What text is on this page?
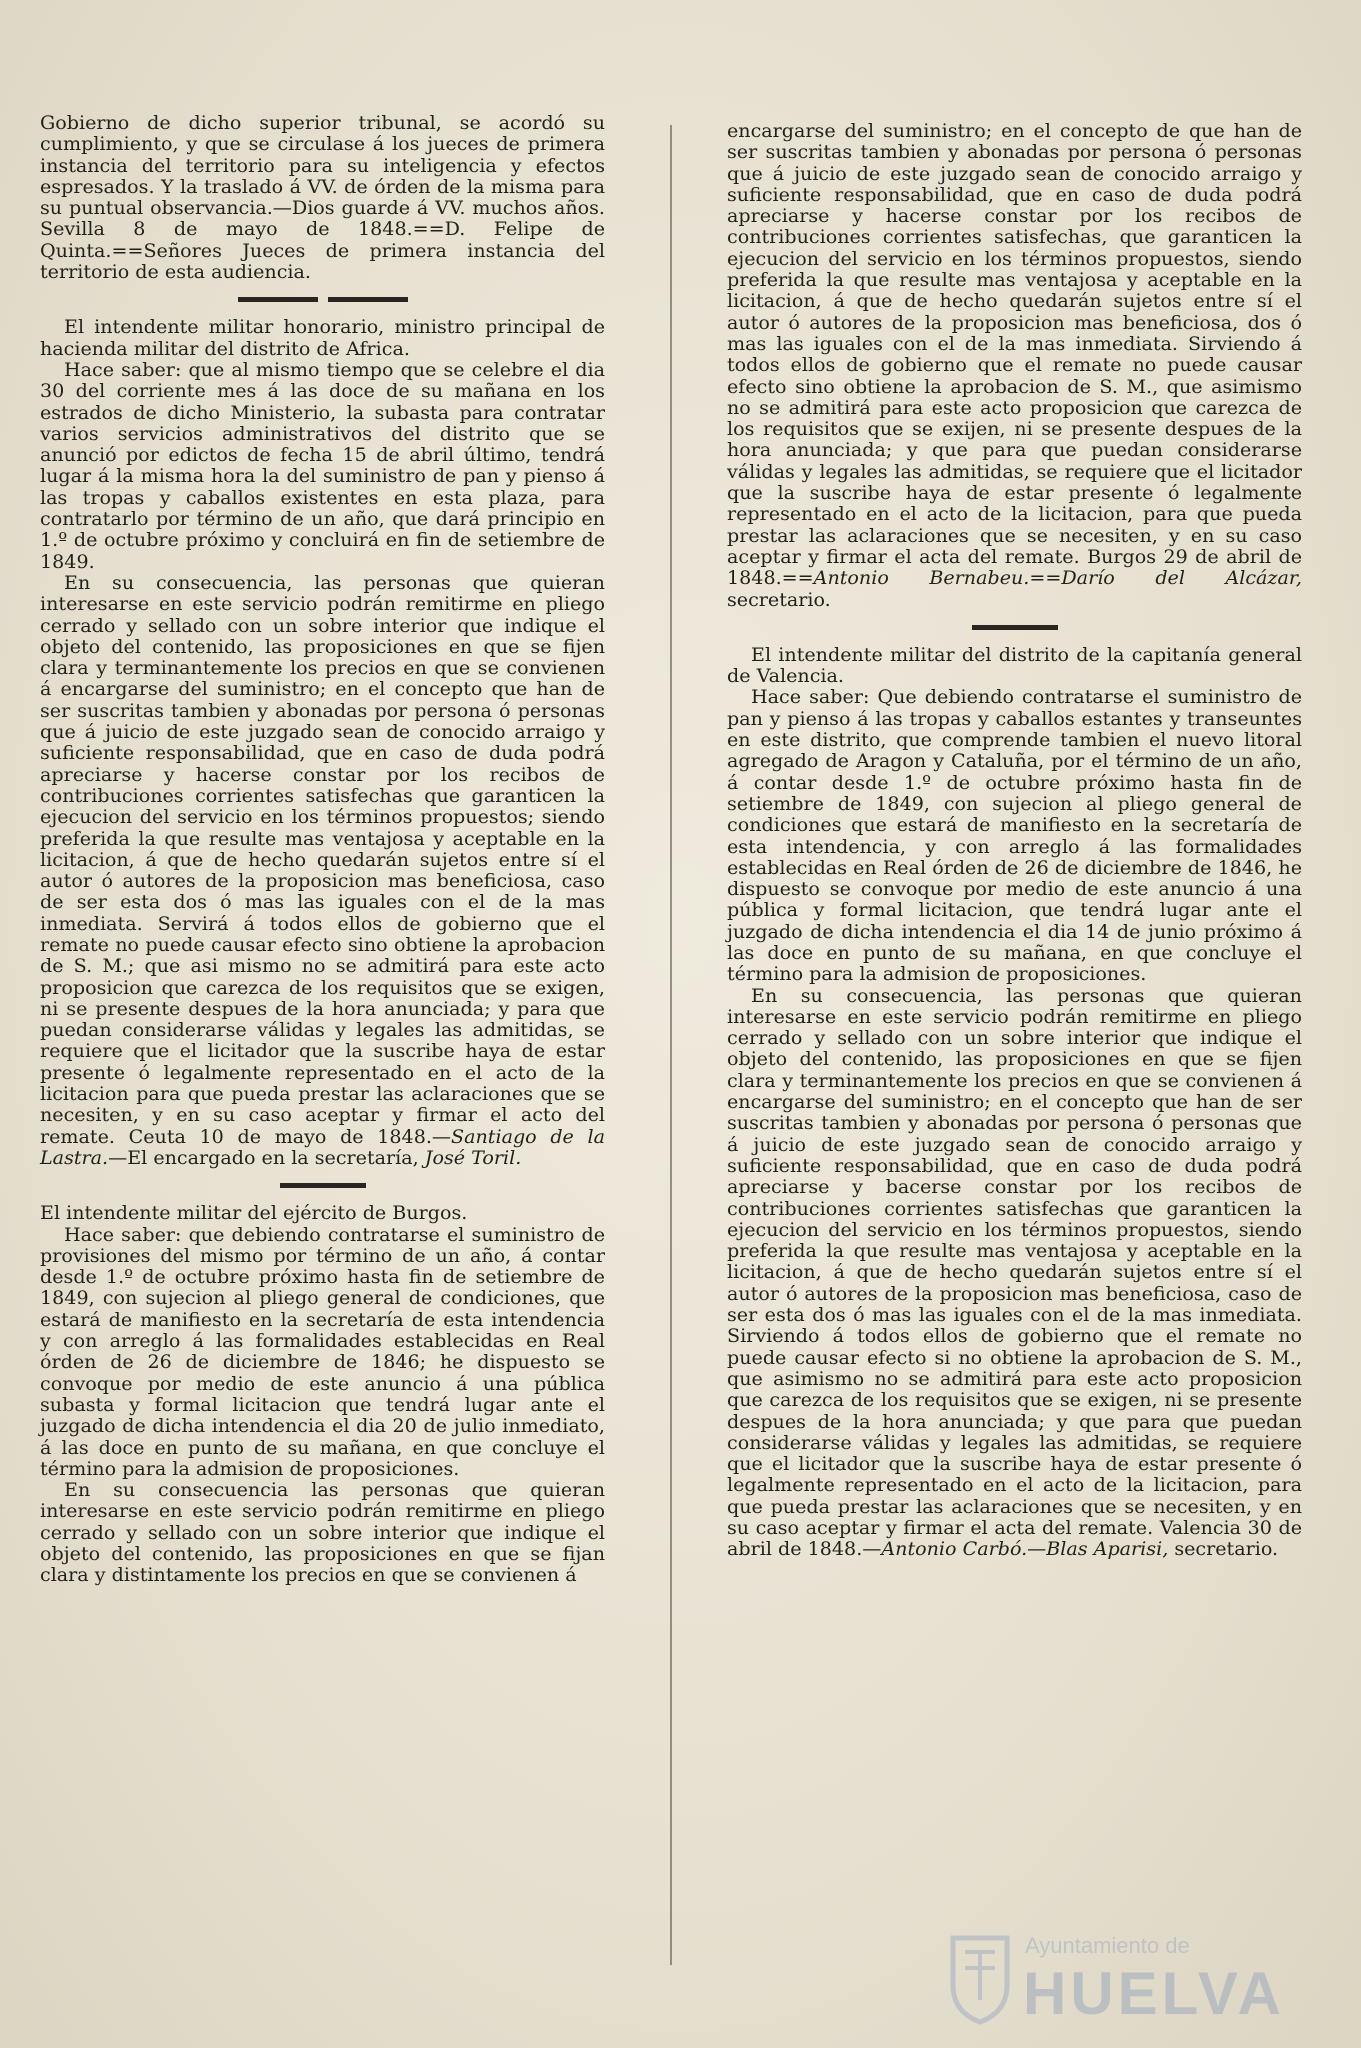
Gobierno de dicho superior tribunal, se acordó su cumplimiento, y que se circulase á los jueces de primera instancia del territorio para su inteligencia y efectos espresados. Y la traslado á VV. de órden de la misma para su puntual observancia.—Dios guarde á VV. muchos años. Sevilla 8 de mayo de 1848.==D. Felipe de Quinta.==Señores Jueces de primera instancia del territorio de esta audiencia.

El intendente militar honorario, ministro principal de hacienda militar del distrito de Africa.

Hace saber: que al mismo tiempo que se celebre el dia 30 del corriente mes á las doce de su mañana en los estrados de dicho Ministerio, la subasta para contratar varios servicios administrativos del distrito que se anunció por edictos de fecha 15 de abril último, tendrá lugar á la misma hora la del suministro de pan y pienso á las tropas y caballos existentes en esta plaza, para contratarlo por término de un año, que dará principio en 1.º de octubre próximo y concluirá en fin de setiembre de 1849.

En su consecuencia, las personas que quieran interesarse en este servicio podrán remitirme en pliego cerrado y sellado con un sobre interior que indique el objeto del contenido, las proposiciones en que se fijen clara y terminantemente los precios en que se convienen á encargarse del suministro; en el concepto que han de ser suscritas tambien y abonadas por persona ó personas que á juicio de este juzgado sean de conocido arraigo y suficiente responsabilidad, que en caso de duda podrá apreciarse y hacerse constar por los recibos de contribuciones corrientes satisfechas que garanticen la ejecucion del servicio en los términos propuestos; siendo preferida la que resulte mas ventajosa y aceptable en la licitacion, á que de hecho quedarán sujetos entre sí el autor ó autores de la proposicion mas beneficiosa, caso de ser esta dos ó mas las iguales con el de la mas inmediata. Servirá á todos ellos de gobierno que el remate no puede causar efecto sino obtiene la aprobacion de S. M.; que asi mismo no se admitirá para este acto proposicion que carezca de los requisitos que se exigen, ni se presente despues de la hora anunciada; y para que puedan considerarse válidas y legales las admitidas, se requiere que el licitador que la suscribe haya de estar presente ó legalmente representado en el acto de la licitacion para que pueda prestar las aclaraciones que se necesiten, y en su caso aceptar y firmar el acto del remate. Ceuta 10 de mayo de 1848.—Santiago de la Lastra.—El encargado en la secretaría, José Toril.

El intendente militar del ejército de Burgos.

Hace saber: que debiendo contratarse el suministro de provisiones del mismo por término de un año, á contar desde 1.º de octubre próximo hasta fin de setiembre de 1849, con sujecion al pliego general de condiciones, que estará de manifiesto en la secretaría de esta intendencia y con arreglo á las formalidades establecidas en Real órden de 26 de diciembre de 1846; he dispuesto se convoque por medio de este anuncio á una pública subasta y formal licitacion que tendrá lugar ante el juzgado de dicha intendencia el dia 20 de julio inmediato, á las doce en punto de su mañana, en que concluye el término para la admision de proposiciones.

En su consecuencia las personas que quieran interesarse en este servicio podrán remitirme en pliego cerrado y sellado con un sobre interior que indique el objeto del contenido, las proposiciones en que se fijan clara y distintamente los precios en que se convienen á

encargarse del suministro; en el concepto de que han de ser suscritas tambien y abonadas por persona ó personas que á juicio de este juzgado sean de conocido arraigo y suficiente responsabilidad, que en caso de duda podrá apreciarse y hacerse constar por los recibos de contribuciones corrientes satisfechas, que garanticen la ejecucion del servicio en los términos propuestos, siendo preferida la que resulte mas ventajosa y aceptable en la licitacion, á que de hecho quedarán sujetos entre sí el autor ó autores de la proposicion mas beneficiosa, dos ó mas las iguales con el de la mas inmediata. Sirviendo á todos ellos de gobierno que el remate no puede causar efecto sino obtiene la aprobacion de S. M., que asimismo no se admitirá para este acto proposicion que carezca de los requisitos que se exijen, ni se presente despues de la hora anunciada; y que para que puedan considerarse válidas y legales las admitidas, se requiere que el licitador que la suscribe haya de estar presente ó legalmente representado en el acto de la licitacion, para que pueda prestar las aclaraciones que se necesiten, y en su caso aceptar y firmar el acta del remate. Burgos 29 de abril de 1848.==Antonio Bernabeu.==Darío del Alcázar, secretario.

El intendente militar del distrito de la capitanía general de Valencia.

Hace saber: Que debiendo contratarse el suministro de pan y pienso á las tropas y caballos estantes y transeuntes en este distrito, que comprende tambien el nuevo litoral agregado de Aragon y Cataluña, por el término de un año, á contar desde 1.º de octubre próximo hasta fin de setiembre de 1849, con sujecion al pliego general de condiciones que estará de manifiesto en la secretaría de esta intendencia, y con arreglo á las formalidades establecidas en Real órden de 26 de diciembre de 1846, he dispuesto se convoque por medio de este anuncio á una pública y formal licitacion, que tendrá lugar ante el juzgado de dicha intendencia el dia 14 de junio próximo á las doce en punto de su mañana, en que concluye el término para la admision de proposiciones.

En su consecuencia, las personas que quieran interesarse en este servicio podrán remitirme en pliego cerrado y sellado con un sobre interior que indique el objeto del contenido, las proposiciones en que se fijen clara y terminantemente los precios en que se convienen á encargarse del suministro; en el concepto que han de ser suscritas tambien y abonadas por persona ó personas que á juicio de este juzgado sean de conocido arraigo y suficiente responsabilidad, que en caso de duda podrá apreciarse y bacerse constar por los recibos de contribuciones corrientes satisfechas que garanticen la ejecucion del servicio en los términos propuestos, siendo preferida la que resulte mas ventajosa y aceptable en la licitacion, á que de hecho quedarán sujetos entre sí el autor ó autores de la proposicion mas beneficiosa, caso de ser esta dos ó mas las iguales con el de la mas inmediata. Sirviendo á todos ellos de gobierno que el remate no puede causar efecto si no obtiene la aprobacion de S. M., que asimismo no se admitirá para este acto proposicion que carezca de los requisitos que se exigen, ni se presente despues de la hora anunciada; y que para que puedan considerarse válidas y legales las admitidas, se requiere que el licitador que la suscribe haya de estar presente ó legalmente representado en el acto de la licitacion, para que pueda prestar las aclaraciones que se necesiten, y en su caso aceptar y firmar el acta del remate. Valencia 30 de abril de 1848.—Antonio Carbó.—Blas Aparisi, secretario.

Ayuntamiento de
HUELVA
